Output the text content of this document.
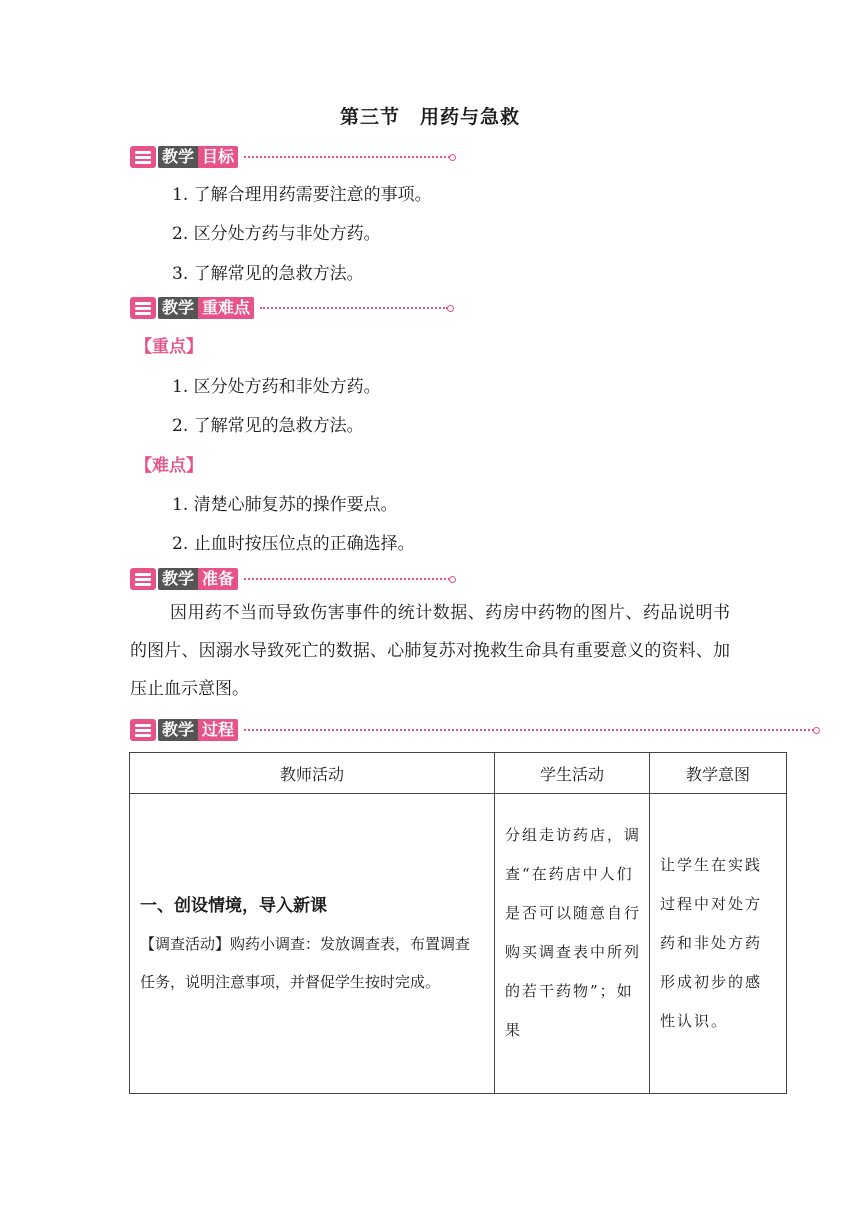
第三节　用药与急救
教学 目标
1. 了解合理用药需要注意的事项。
2. 区分处方药与非处方药。
3. 了解常见的急救方法。
教学 重难点
【重点】
1. 区分处方药和非处方药。
2. 了解常见的急救方法。
【难点】
1. 清楚心肺复苏的操作要点。
2. 止血时按压位点的正确选择。
教学 准备
因用药不当而导致伤害事件的统计数据、药房中药物的图片、药品说明书的图片、因溺水导致死亡的数据、心肺复苏对挽救生命具有重要意义的资料、加压止血示意图。
教学 过程
教师活动	学生活动	教学意图

一、创设情境，导入新课
【调查活动】购药小调查：发放调查表，布置调查任务，说明注意事项，并督促学生按时完成。	分组走访药店，调查“在药店中人们是否可以随意自行购买调查表中所列的若干药物”；如果	让学生在实践过程中对处方药和非处方药形成初步的感性认识。
